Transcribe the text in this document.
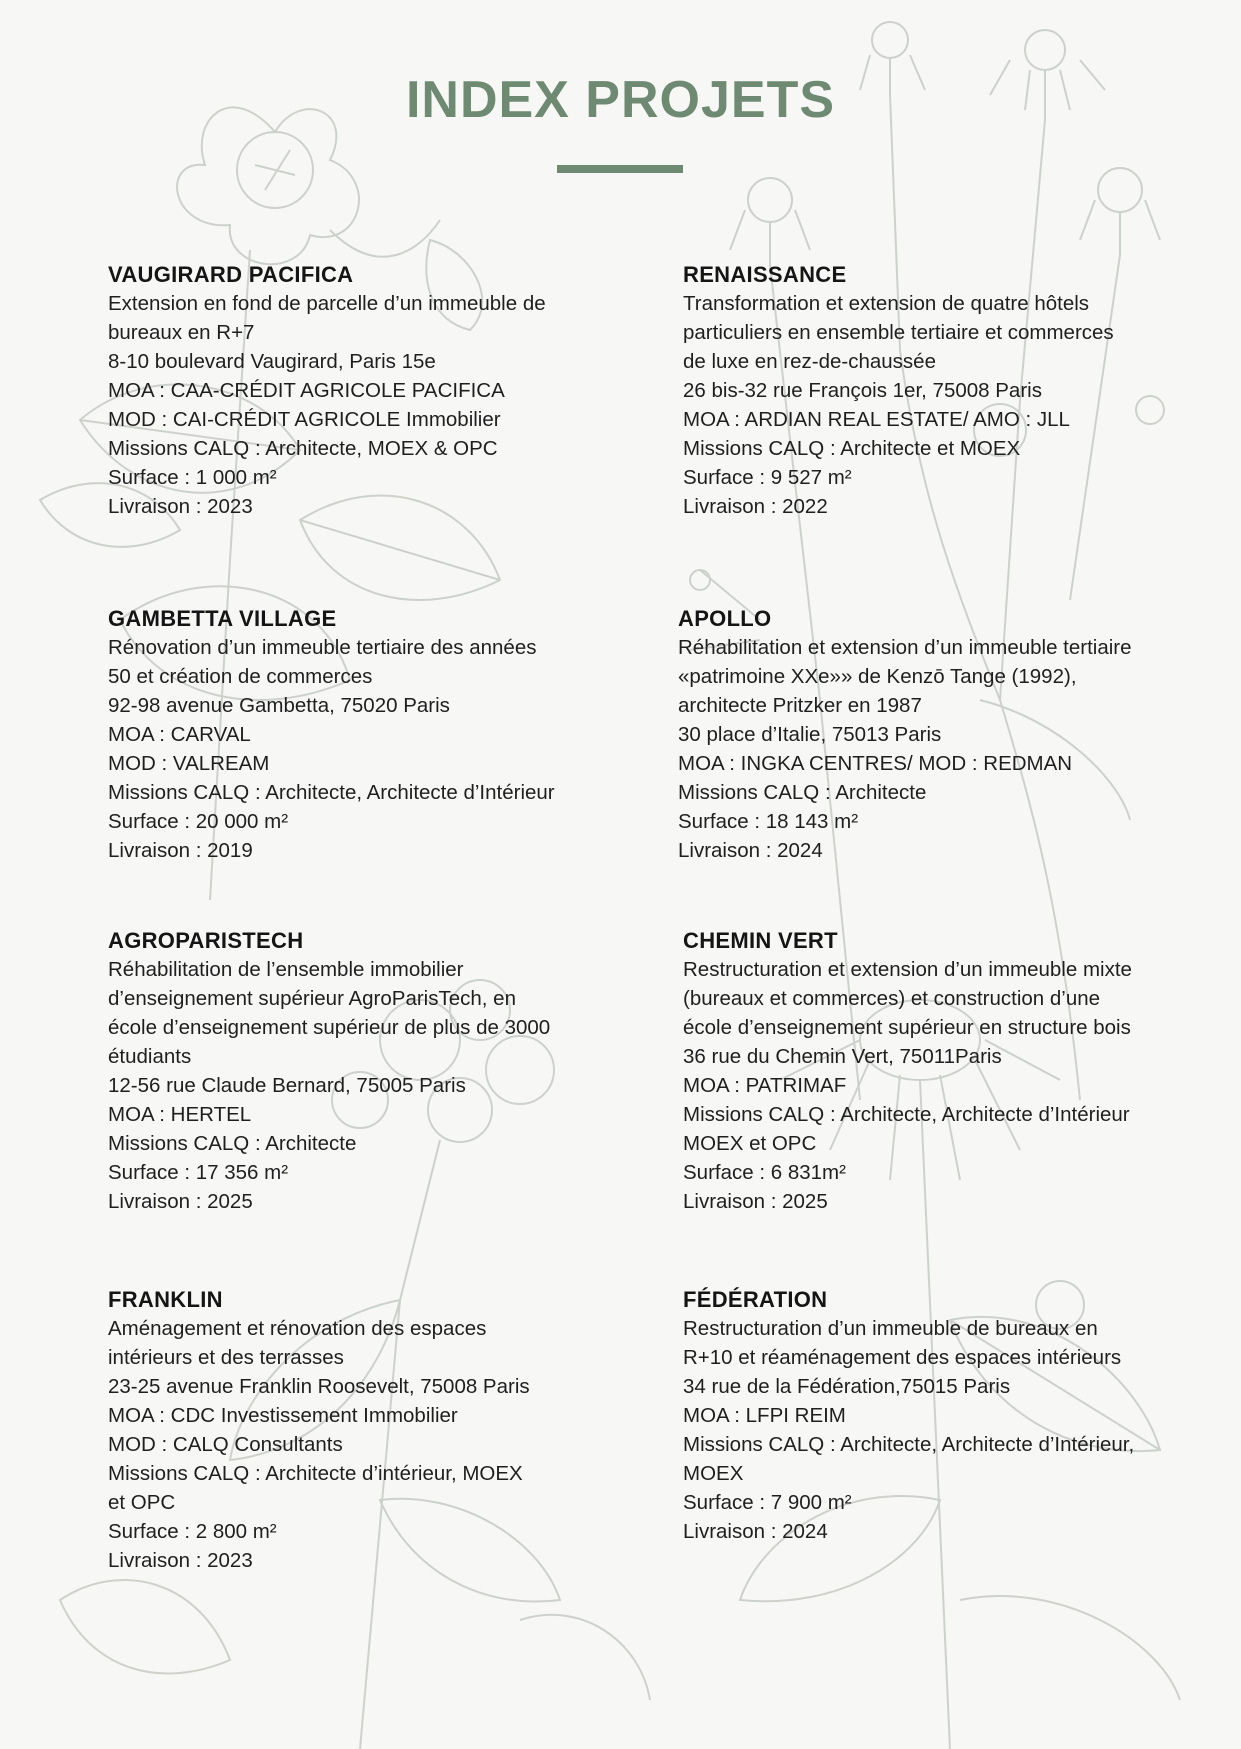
INDEX PROJETS
VAUGIRARD PACIFICA
Extension en fond de parcelle d’un immeuble de
bureaux en R+7
8-10 boulevard Vaugirard, Paris 15e
MOA : CAA-CRÉDIT AGRICOLE PACIFICA
MOD : CAI-CRÉDIT AGRICOLE Immobilier
Missions CALQ : Architecte, MOEX & OPC
Surface : 1 000 m²
Livraison : 2023
RENAISSANCE
Transformation et extension de quatre hôtels
particuliers en ensemble tertiaire et commerces
de luxe en rez-de-chaussée
26 bis-32 rue François 1er, 75008 Paris
MOA : ARDIAN REAL ESTATE/ AMO : JLL
Missions CALQ : Architecte et MOEX
Surface : 9 527 m²
Livraison : 2022
GAMBETTA VILLAGE
Rénovation d’un immeuble tertiaire des années
50 et création de commerces
92-98 avenue Gambetta, 75020 Paris
MOA : CARVAL
MOD : VALREAM
Missions CALQ : Architecte, Architecte d’Intérieur
Surface : 20 000 m²
Livraison : 2019
APOLLO
Réhabilitation et extension d’un immeuble tertiaire
«patrimoine XXe»» de Kenzō Tange (1992),
architecte Pritzker en 1987
30 place d’Italie, 75013 Paris
MOA : INGKA CENTRES/ MOD : REDMAN
Missions CALQ : Architecte
Surface : 18 143 m²
Livraison : 2024
AGROPARISTECH
Réhabilitation de l’ensemble immobilier
d’enseignement supérieur AgroParisTech, en
école d’enseignement supérieur de plus de 3000
étudiants
12-56 rue Claude Bernard, 75005 Paris
MOA : HERTEL
Missions CALQ : Architecte
Surface : 17 356 m²
Livraison : 2025
CHEMIN VERT
Restructuration et extension d’un immeuble mixte
(bureaux et commerces) et construction d’une
école d’enseignement supérieur en structure bois
36 rue du Chemin Vert, 75011Paris
MOA : PATRIMAF
Missions CALQ : Architecte, Architecte d’Intérieur
MOEX et OPC
Surface : 6 831m²
Livraison : 2025
FRANKLIN
Aménagement et rénovation des espaces
intérieurs et des terrasses
23-25 avenue Franklin Roosevelt, 75008 Paris
MOA : CDC Investissement Immobilier
MOD : CALQ Consultants
Missions CALQ : Architecte d’intérieur, MOEX
et OPC
Surface : 2 800 m²
Livraison : 2023
FÉDÉRATION
Restructuration d’un immeuble de bureaux en
R+10 et réaménagement des espaces intérieurs
34 rue de la Fédération,75015 Paris
MOA : LFPI REIM
Missions CALQ : Architecte, Architecte d’Intérieur,
MOEX
Surface : 7 900 m²
Livraison : 2024
